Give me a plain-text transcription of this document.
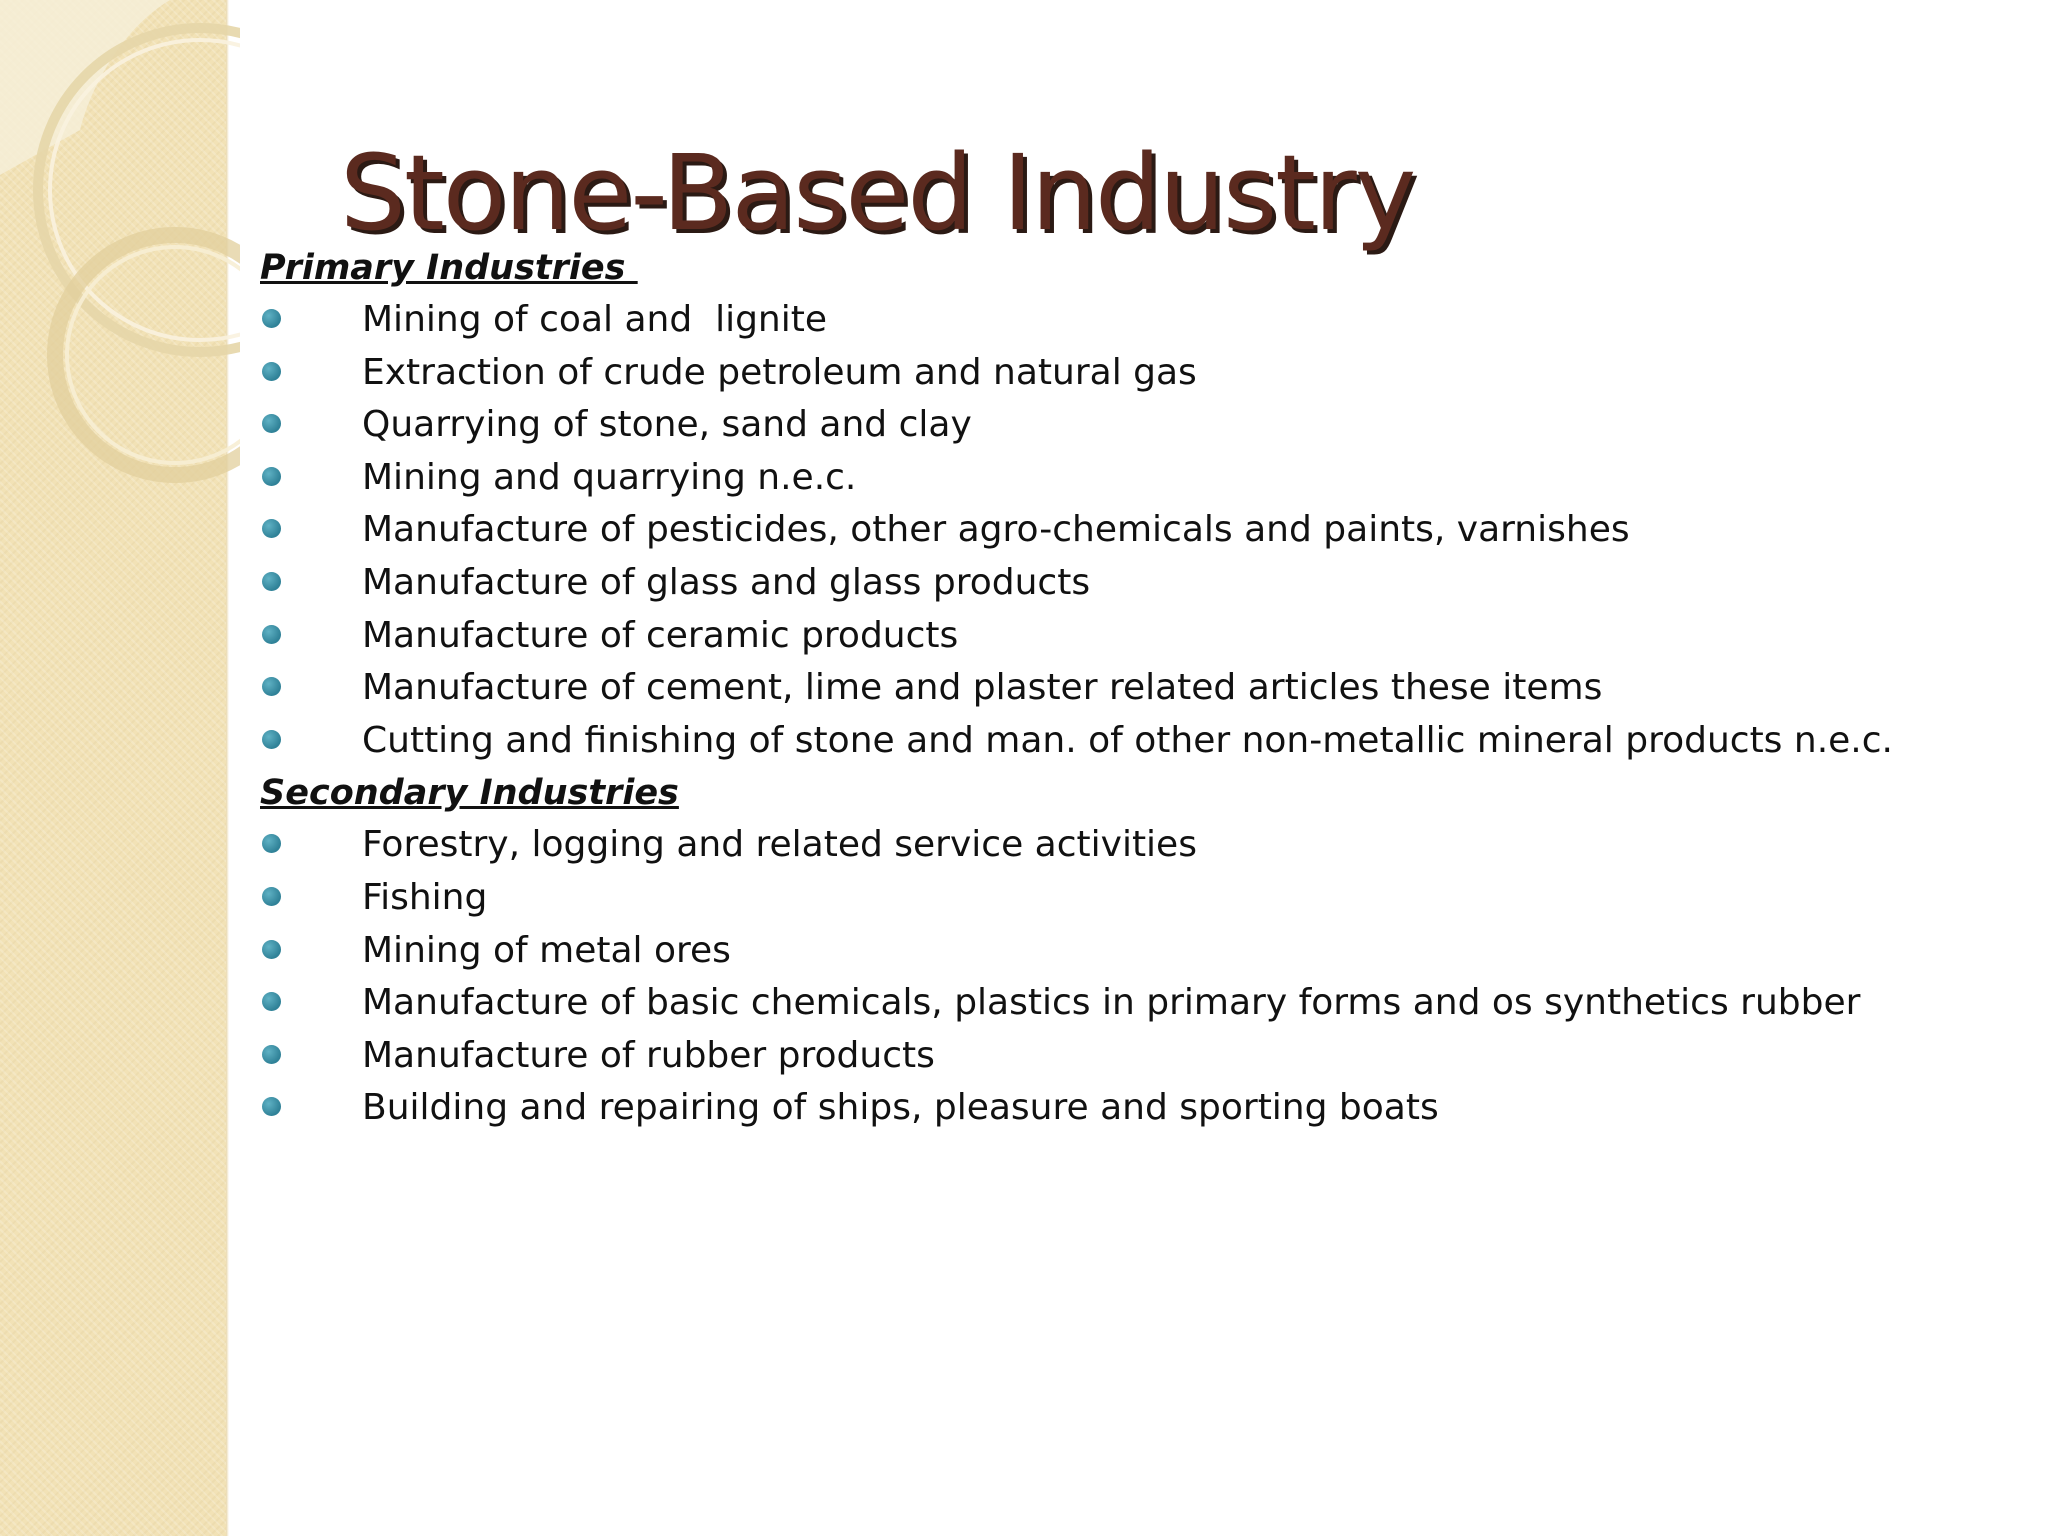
Stone-Based Industry
Primary Industries
Mining of coal and  lignite
Extraction of crude petroleum and natural gas
Quarrying of stone, sand and clay
Mining and quarrying n.e.c.
Manufacture of pesticides, other agro-chemicals and paints, varnishes
Manufacture of glass and glass products
Manufacture of ceramic products
Manufacture of cement, lime and plaster related articles these items
Cutting and finishing of stone and man. of other non-metallic mineral products n.e.c.
Secondary Industries
Forestry, logging and related service activities
Fishing
Mining of metal ores
Manufacture of basic chemicals, plastics in primary forms and os synthetics rubber
Manufacture of rubber products
Building and repairing of ships, pleasure and sporting boats
